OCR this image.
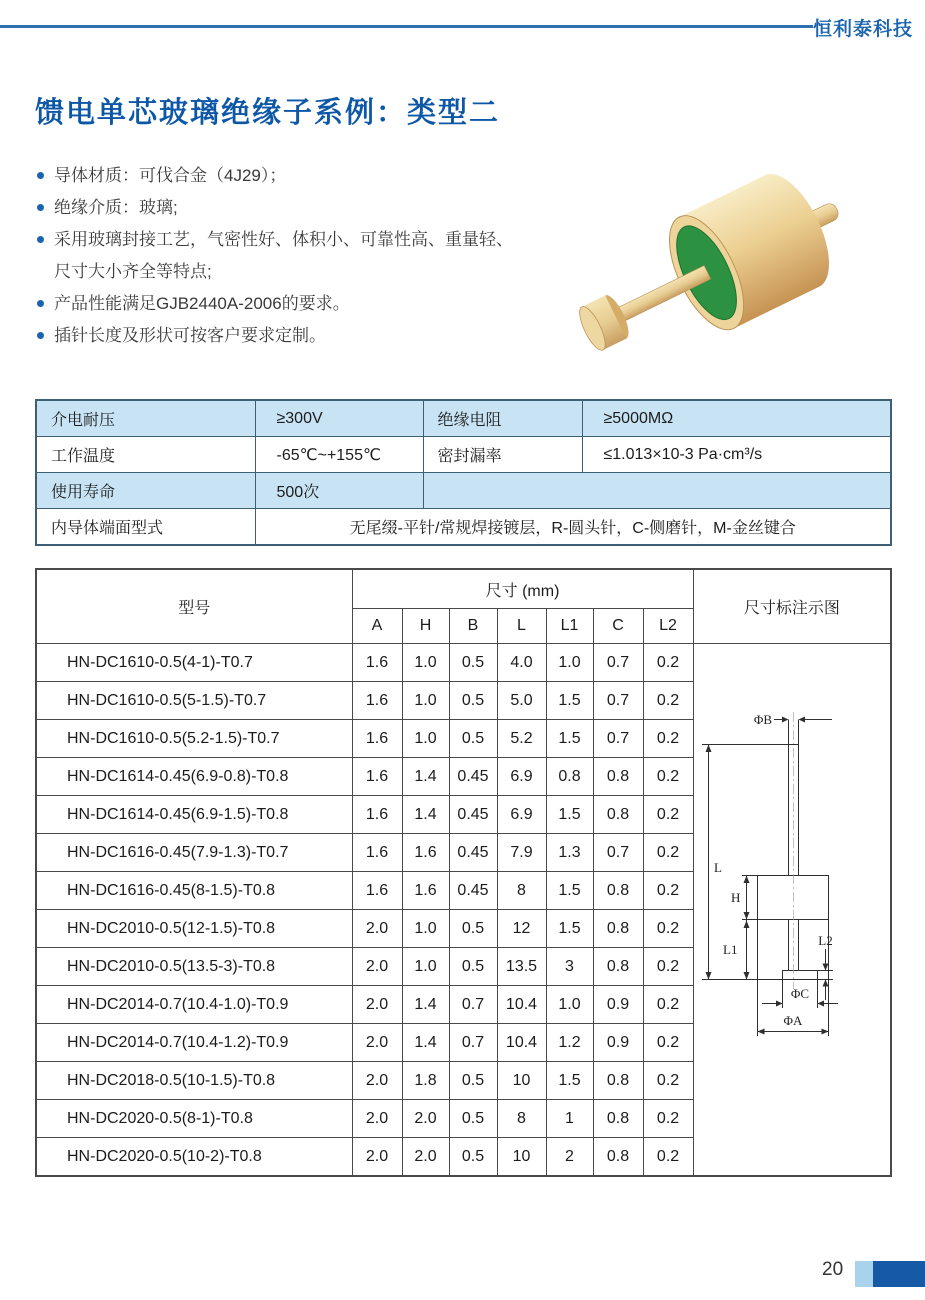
恒利泰科技
馈电单芯玻璃绝缘子系例：类型二
导体材质：可伐合金（4J29）；
绝缘介质：玻璃;
采用玻璃封接工艺，气密性好、体积小、可靠性高、重量轻、
尺寸大小齐全等特点;
产品性能满足GJB2440A-2006的要求。
插针长度及形状可按客户要求定制。
介电耐压	≥300V	绝缘电阻	≥5000MΩ
工作温度	-65℃~+155℃	密封漏率	≤1.013×10-3 Pa·cm³/s
使用寿命	500次		
内导体端面型式	无尾缀-平针/常规焊接镀层，R-圆头针，C-侧磨针，M-金丝键合		
型号	尺寸 (mm)							尺寸标注示图
	A	H	B	L	L1	C	L2	
HN-DC1610-0.5(4-1)-T0.7	1.6	1.0	0.5	4.0	1.0	0.7	0.2	
ΦB
L
H
L1
L2
ΦC
ΦA

HN-DC1610-0.5(5-1.5)-T0.7	1.6	1.0	0.5	5.0	1.5	0.7	0.2	
HN-DC1610-0.5(5.2-1.5)-T0.7	1.6	1.0	0.5	5.2	1.5	0.7	0.2	
HN-DC1614-0.45(6.9-0.8)-T0.8	1.6	1.4	0.45	6.9	0.8	0.8	0.2	
HN-DC1614-0.45(6.9-1.5)-T0.8	1.6	1.4	0.45	6.9	1.5	0.8	0.2	
HN-DC1616-0.45(7.9-1.3)-T0.7	1.6	1.6	0.45	7.9	1.3	0.7	0.2	
HN-DC1616-0.45(8-1.5)-T0.8	1.6	1.6	0.45	8	1.5	0.8	0.2	
HN-DC2010-0.5(12-1.5)-T0.8	2.0	1.0	0.5	12	1.5	0.8	0.2	
HN-DC2010-0.5(13.5-3)-T0.8	2.0	1.0	0.5	13.5	3	0.8	0.2	
HN-DC2014-0.7(10.4-1.0)-T0.9	2.0	1.4	0.7	10.4	1.0	0.9	0.2	
HN-DC2014-0.7(10.4-1.2)-T0.9	2.0	1.4	0.7	10.4	1.2	0.9	0.2	
HN-DC2018-0.5(10-1.5)-T0.8	2.0	1.8	0.5	10	1.5	0.8	0.2	
HN-DC2020-0.5(8-1)-T0.8	2.0	2.0	0.5	8	1	0.8	0.2	
HN-DC2020-0.5(10-2)-T0.8	2.0	2.0	0.5	10	2	0.8	0.2	
20
